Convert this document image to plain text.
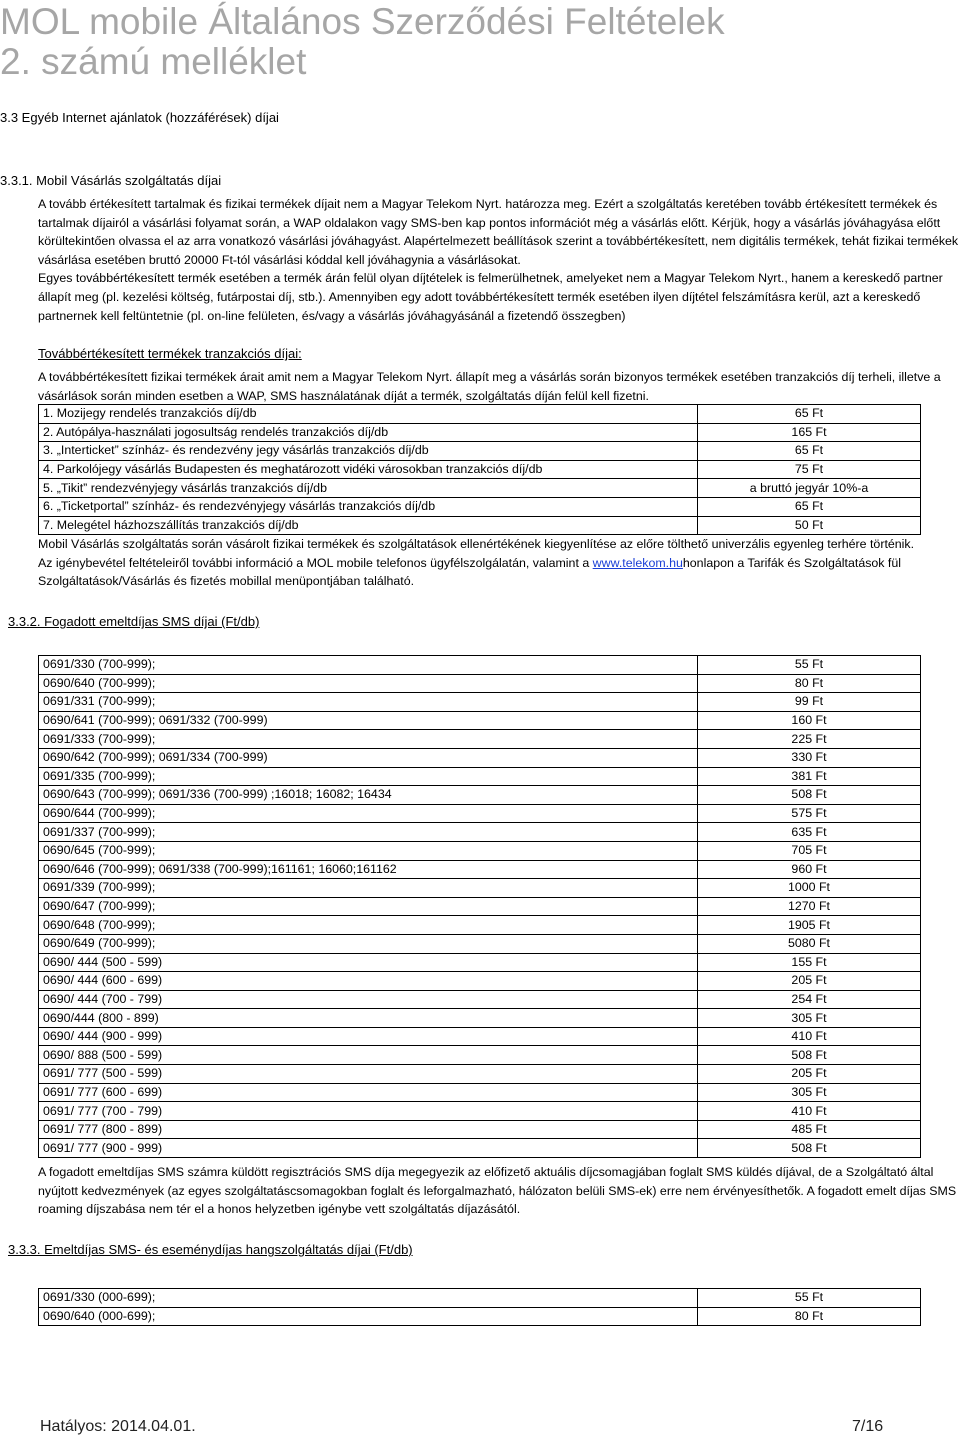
MOL mobile Általános Szerződési Feltételek
2. számú melléklet
3.3 Egyéb Internet ajánlatok (hozzáférések) díjai
3.3.1. Mobil Vásárlás szolgáltatás díjai

A tovább értékesített tartalmak és fizikai termékek díjait nem a Magyar Telekom Nyrt. határozza meg. Ezért a szolgáltatás keretében tovább értékesített termékek és tartalmak díjairól a vásárlási folyamat során, a WAP oldalakon vagy SMS-ben kap pontos információt még a vásárlás előtt. Kérjük, hogy a vásárlás jóváhagyása előtt körültekintően olvassa el az arra vonatkozó vásárlási jóváhagyást. Alapértelmezett beállítások szerint a továbbértékesített, nem digitális termékek, tehát fizikai termékek vásárlása esetében bruttó 20000 Ft-tól vásárlási kóddal kell jóváhagynia a vásárlásokat.

Egyes továbbértékesített termék esetében a termék árán felül olyan díjtételek is felmerülhetnek, amelyeket nem a Magyar Telekom Nyrt., hanem a kereskedő partner állapít meg (pl. kezelési költség, futárpostai díj, stb.). Amennyiben egy adott továbbértékesített termék esetében ilyen díjtétel felszámításra kerül, azt a kereskedő partnernek kell feltüntetnie (pl. on-line felületen, és/vagy a vásárlás jóváhagyásánál a fizetendő összegben)

Továbbértékesített termékek tranzakciós díjai:
A továbbértékesített fizikai termékek árait amit nem a Magyar Telekom Nyrt. állapít meg a vásárlás során bizonyos termékek esetében tranzakciós díj terheli, illetve a vásárlások során minden esetben a WAP, SMS használatának díját a termék, szolgáltatás díján felül kell fizetni.
1. Mozijegy rendelés tranzakciós díj/db	65 Ft
2. Autópálya-használati jogosultság rendelés tranzakciós díj/db	165 Ft
3. „Interticket” színház- és rendezvény jegy vásárlás tranzakciós díj/db	65 Ft
4. Parkolójegy vásárlás Budapesten és meghatározott vidéki városokban tranzakciós díj/db	75 Ft
5. „Tikit” rendezvényjegy vásárlás tranzakciós díj/db	a bruttó jegyár 10%-a
6. „Ticketportal” színház- és rendezvényjegy vásárlás tranzakciós díj/db	65 Ft
7. Melegétel házhozszállítás tranzakciós díj/db	50 Ft

Mobil Vásárlás szolgáltatás során vásárolt fizikai termékek és szolgáltatások ellenértékének kiegyenlítése az előre tölthető univerzális egyenleg terhére történik.

Az igénybevétel feltételeiről további információ a MOL mobile telefonos ügyfélszolgálatán, valamint a www.telekom.huhonlapon a Tarifák és Szolgáltatások fül Szolgáltatások/Vásárlás és fizetés mobillal menüpontjában található.

3.3.2. Fogadott emeltdíjas SMS díjai (Ft/db)
0691/330 (700-999);	55 Ft
0690/640 (700-999);	80 Ft
0691/331 (700-999);	99 Ft
0690/641 (700-999); 0691/332 (700-999)	160 Ft
0691/333 (700-999);	225 Ft
0690/642 (700-999); 0691/334 (700-999)	330 Ft
0691/335 (700-999);	381 Ft
0690/643 (700-999); 0691/336 (700-999) ;16018; 16082; 16434	508 Ft
0690/644 (700-999);	575 Ft
0691/337 (700-999);	635 Ft
0690/645 (700-999);	705 Ft
0690/646 (700-999); 0691/338 (700-999);161161; 16060;161162	960 Ft
0691/339 (700-999);	1000 Ft
0690/647 (700-999);	1270 Ft
0690/648 (700-999);	1905 Ft
0690/649 (700-999);	5080 Ft
0690/ 444 (500 - 599)	155 Ft
0690/ 444 (600 - 699)	205 Ft
0690/ 444 (700 - 799)	254 Ft
0690/444 (800 - 899)	305 Ft
0690/ 444 (900 - 999)	410 Ft
0690/ 888 (500 - 599)	508 Ft
0691/ 777 (500 - 599)	205 Ft
0691/ 777 (600 - 699)	305 Ft
0691/ 777 (700 - 799)	410 Ft
0691/ 777 (800 - 899)	485 Ft
0691/ 777 (900 - 999)	508 Ft
A fogadott emeltdíjas SMS számra küldött regisztrációs SMS díja megegyezik az előfizető aktuális díjcsomagjában foglalt SMS küldés díjával, de a Szolgáltató által nyújtott kedvezmények (az egyes szolgáltatáscsomagokban foglalt és leforgalmazható, hálózaton belüli SMS-ek) erre nem érvényesíthetők. A fogadott emelt díjas SMS roaming díjszabása nem tér el a honos helyzetben igénybe vett szolgáltatás díjazásától.
3.3.3. Emeltdíjas SMS- és eseménydíjas hangszolgáltatás díjai (Ft/db)
0691/330 (000-699);	55 Ft
0690/640 (000-699);	80 Ft
Hatályos: 2014.04.01.	7/16
